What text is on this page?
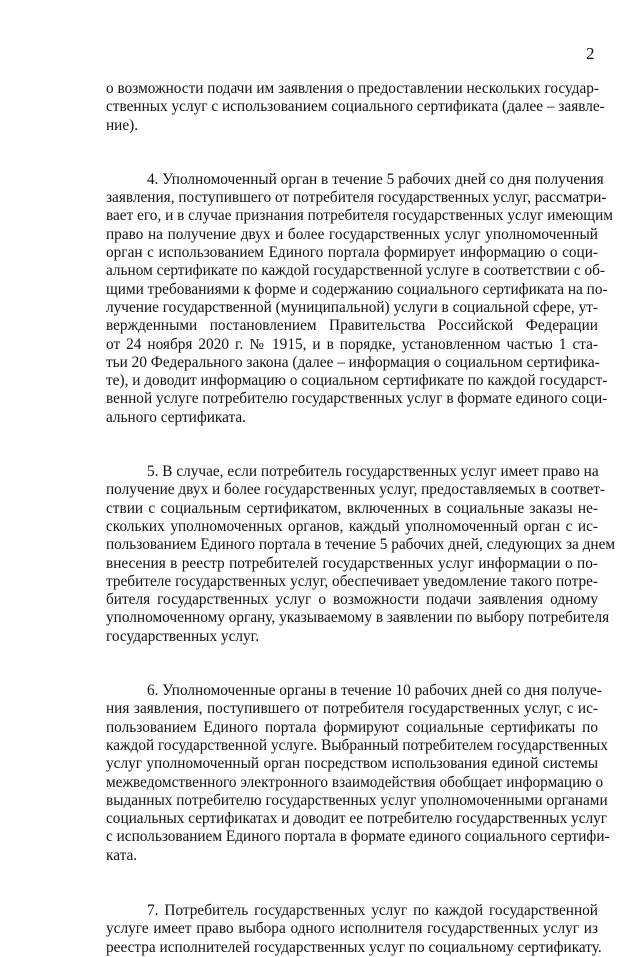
2

о возможности подачи им заявления о предоставлении нескольких государ-
ственных услуг с использованием социального сертификата (далее – заявле-
ние).

4. Уполномоченный орган в течение 5 рабочих дней со дня получения
заявления, поступившего от потребителя государственных услуг, рассматри-
вает его, и в случае признания потребителя государственных услуг имеющим
право на получение двух и более государственных услуг уполномоченный
орган с использованием Единого портала формирует информацию о соци-
альном сертификате по каждой государственной услуге в соответствии с об-
щими требованиями к форме и содержанию социального сертификата на по-
лучение государственной (муниципальной) услуги в социальной сфере, ут-
вержденными постановлением Правительства Российской Федерации
от 24 ноября 2020 г. № 1915, и в порядке, установленном частью 1 ста-
тьи 20 Федерального закона (далее – информация о социальном сертифика-
те), и доводит информацию о социальном сертификате по каждой государст-
венной услуге потребителю государственных услуг в формате единого соци-
ального сертификата.

5. В случае, если потребитель государственных услуг имеет право на
получение двух и более государственных услуг, предоставляемых в соответ-
ствии с социальным сертификатом, включенных в социальные заказы не-
скольких уполномоченных органов, каждый уполномоченный орган с ис-
пользованием Единого портала в течение 5 рабочих дней, следующих за днем
внесения в реестр потребителей государственных услуг информации о по-
требителе государственных услуг, обеспечивает уведомление такого потре-
бителя государственных услуг о возможности подачи заявления одному
уполномоченному органу, указываемому в заявлении по выбору потребителя
государственных услуг.

6. Уполномоченные органы в течение 10 рабочих дней со дня получе-
ния заявления, поступившего от потребителя государственных услуг, с ис-
пользованием Единого портала формируют социальные сертификаты по
каждой государственной услуге. Выбранный потребителем государственных
услуг уполномоченный орган посредством использования единой системы
межведомственного электронного взаимодействия обобщает информацию о
выданных потребителю государственных услуг уполномоченными органами
социальных сертификатах и доводит ее потребителю государственных услуг
с использованием Единого портала в формате единого социального сертифи-
ката.

7. Потребитель государственных услуг по каждой государственной
услуге имеет право выбора одного исполнителя государственных услуг из
реестра исполнителей государственных услуг по социальному сертификату.
